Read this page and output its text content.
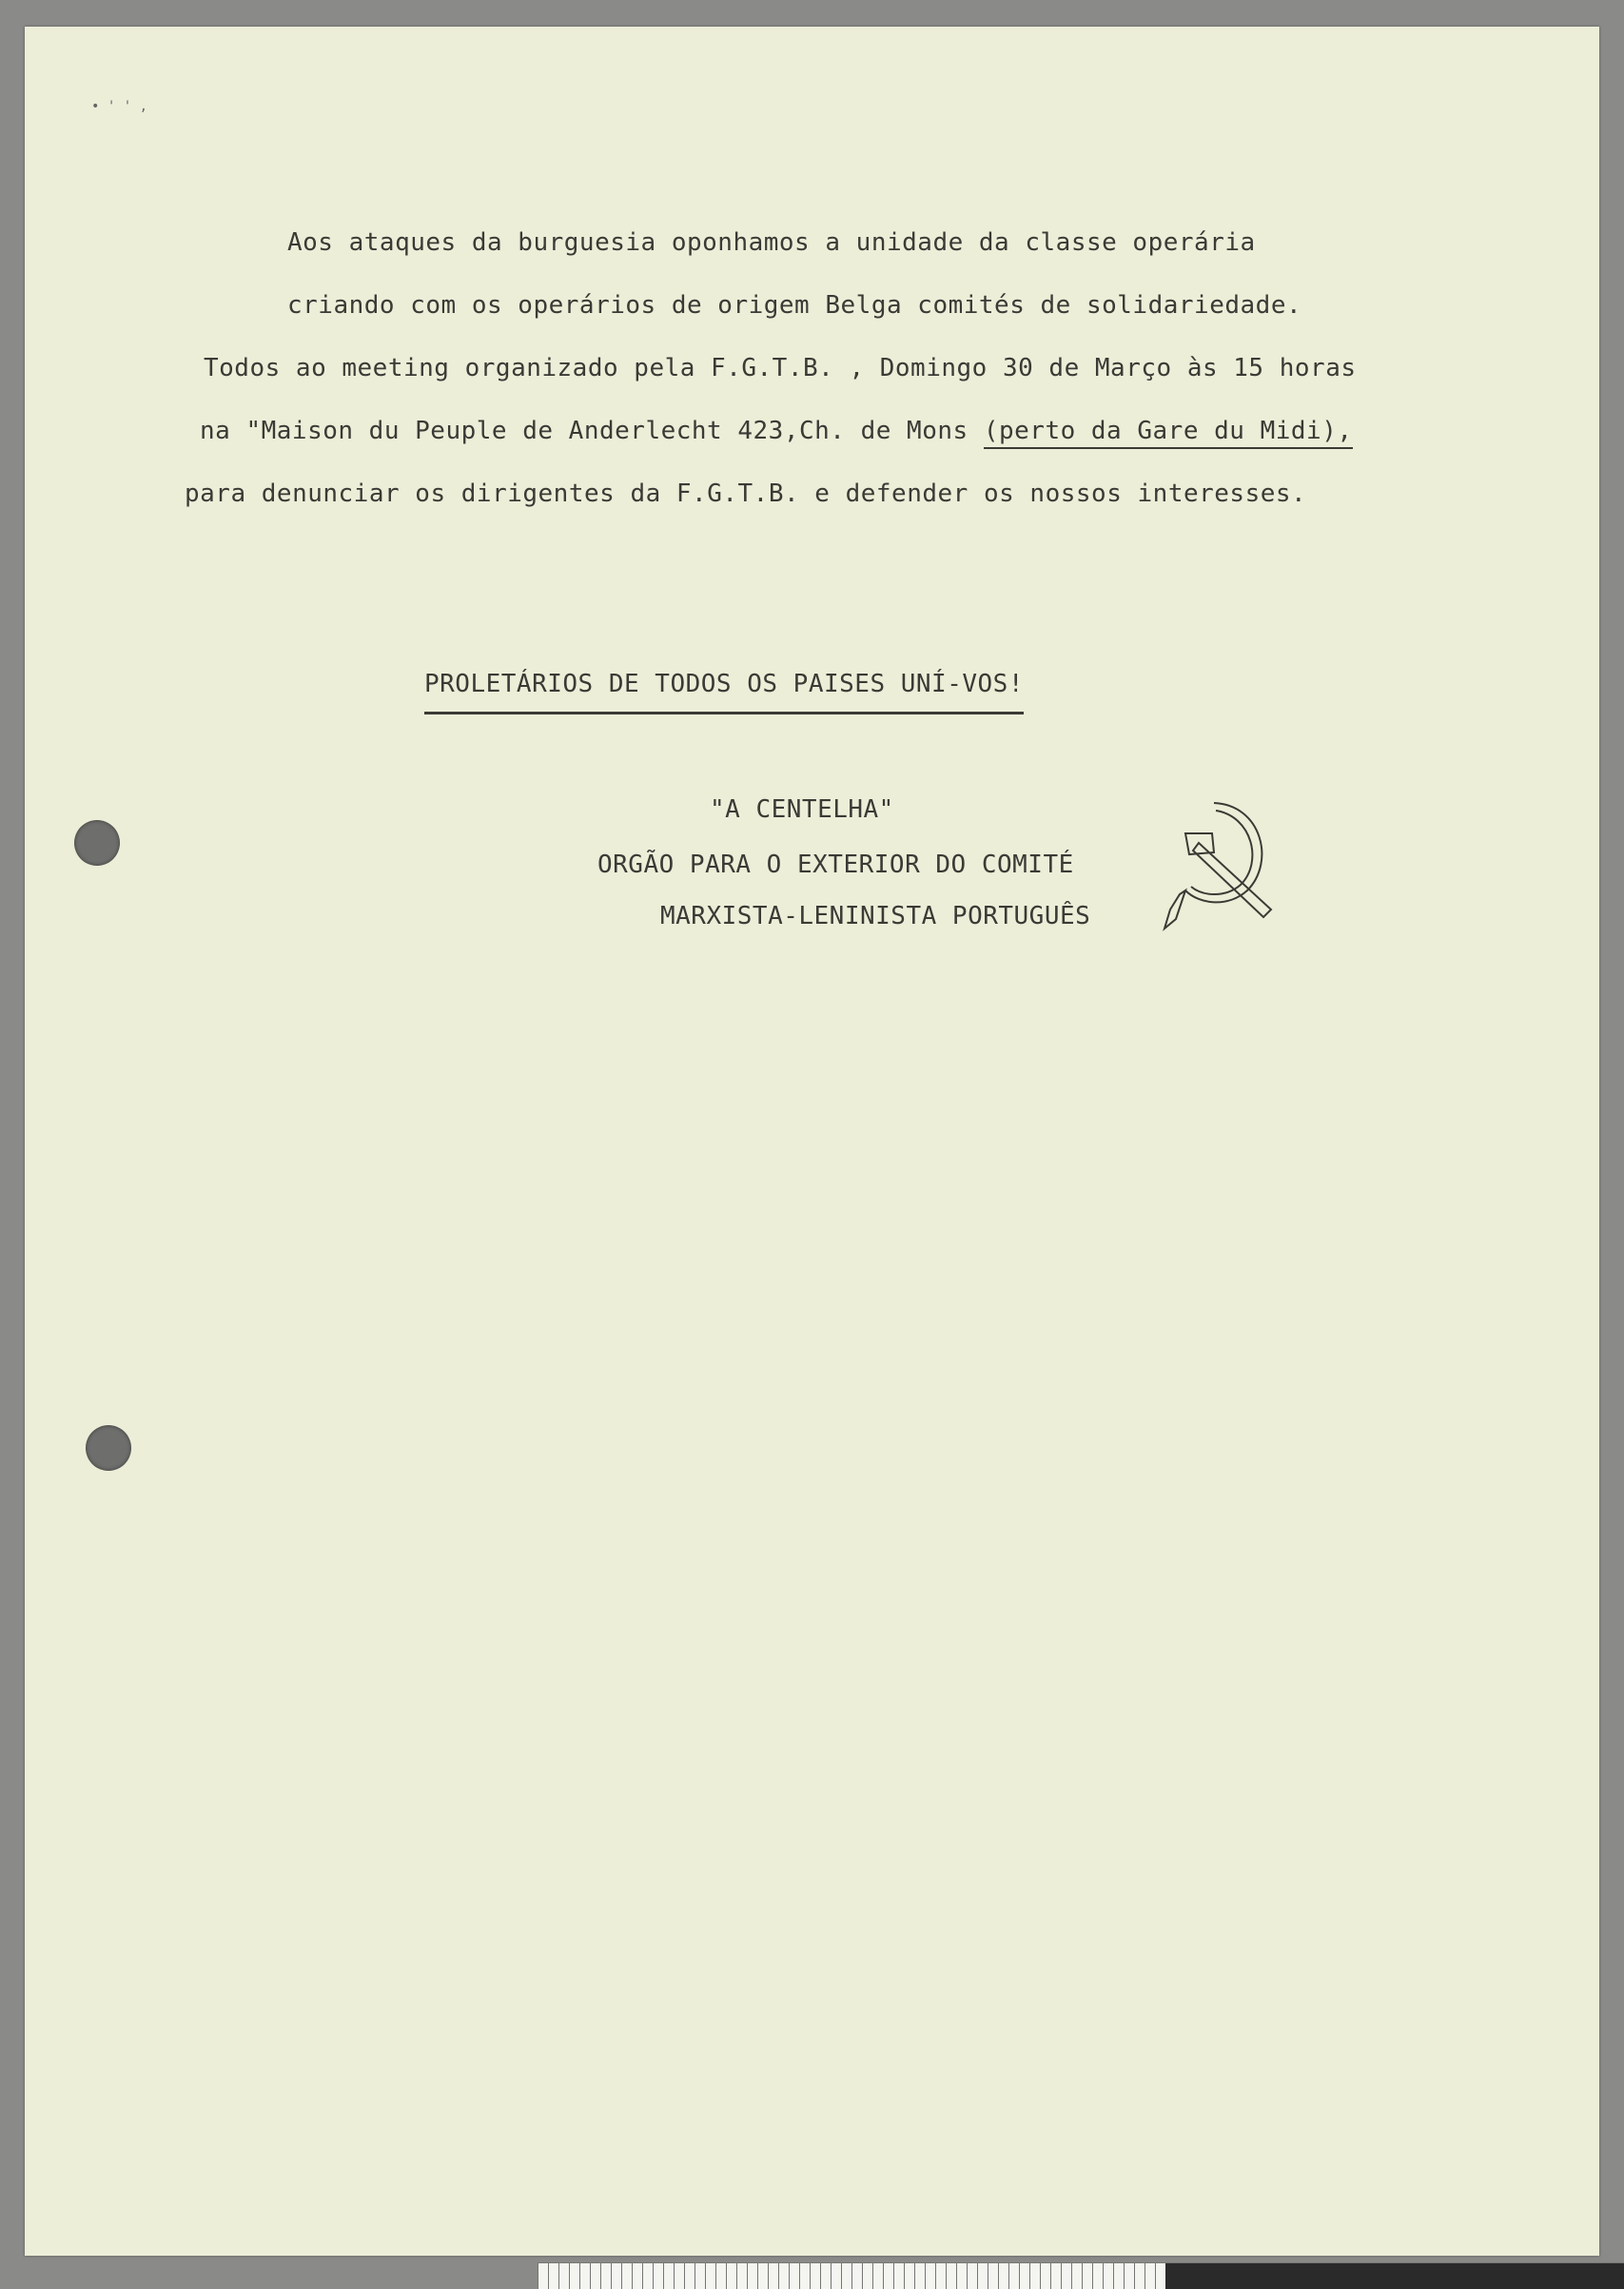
• ' ' ,
Aos ataques da burguesia oponhamos a unidade da classe operária
criando com os operários de origem Belga comités de solidariedade.
Todos ao meeting organizado pela F.G.T.B. , Domingo 30 de Março às 15 horas
na "Maison du Peuple de Anderlecht 423,Ch. de Mons (perto da Gare du Midi),
para denunciar os dirigentes da F.G.T.B. e defender os nossos interesses.
PROLETÁRIOS DE TODOS OS PAISES UNÍ-VOS!
"A CENTELHA"
ORGÃO PARA O EXTERIOR DO COMITÉ
MARXISTA-LENINISTA PORTUGUÊS
